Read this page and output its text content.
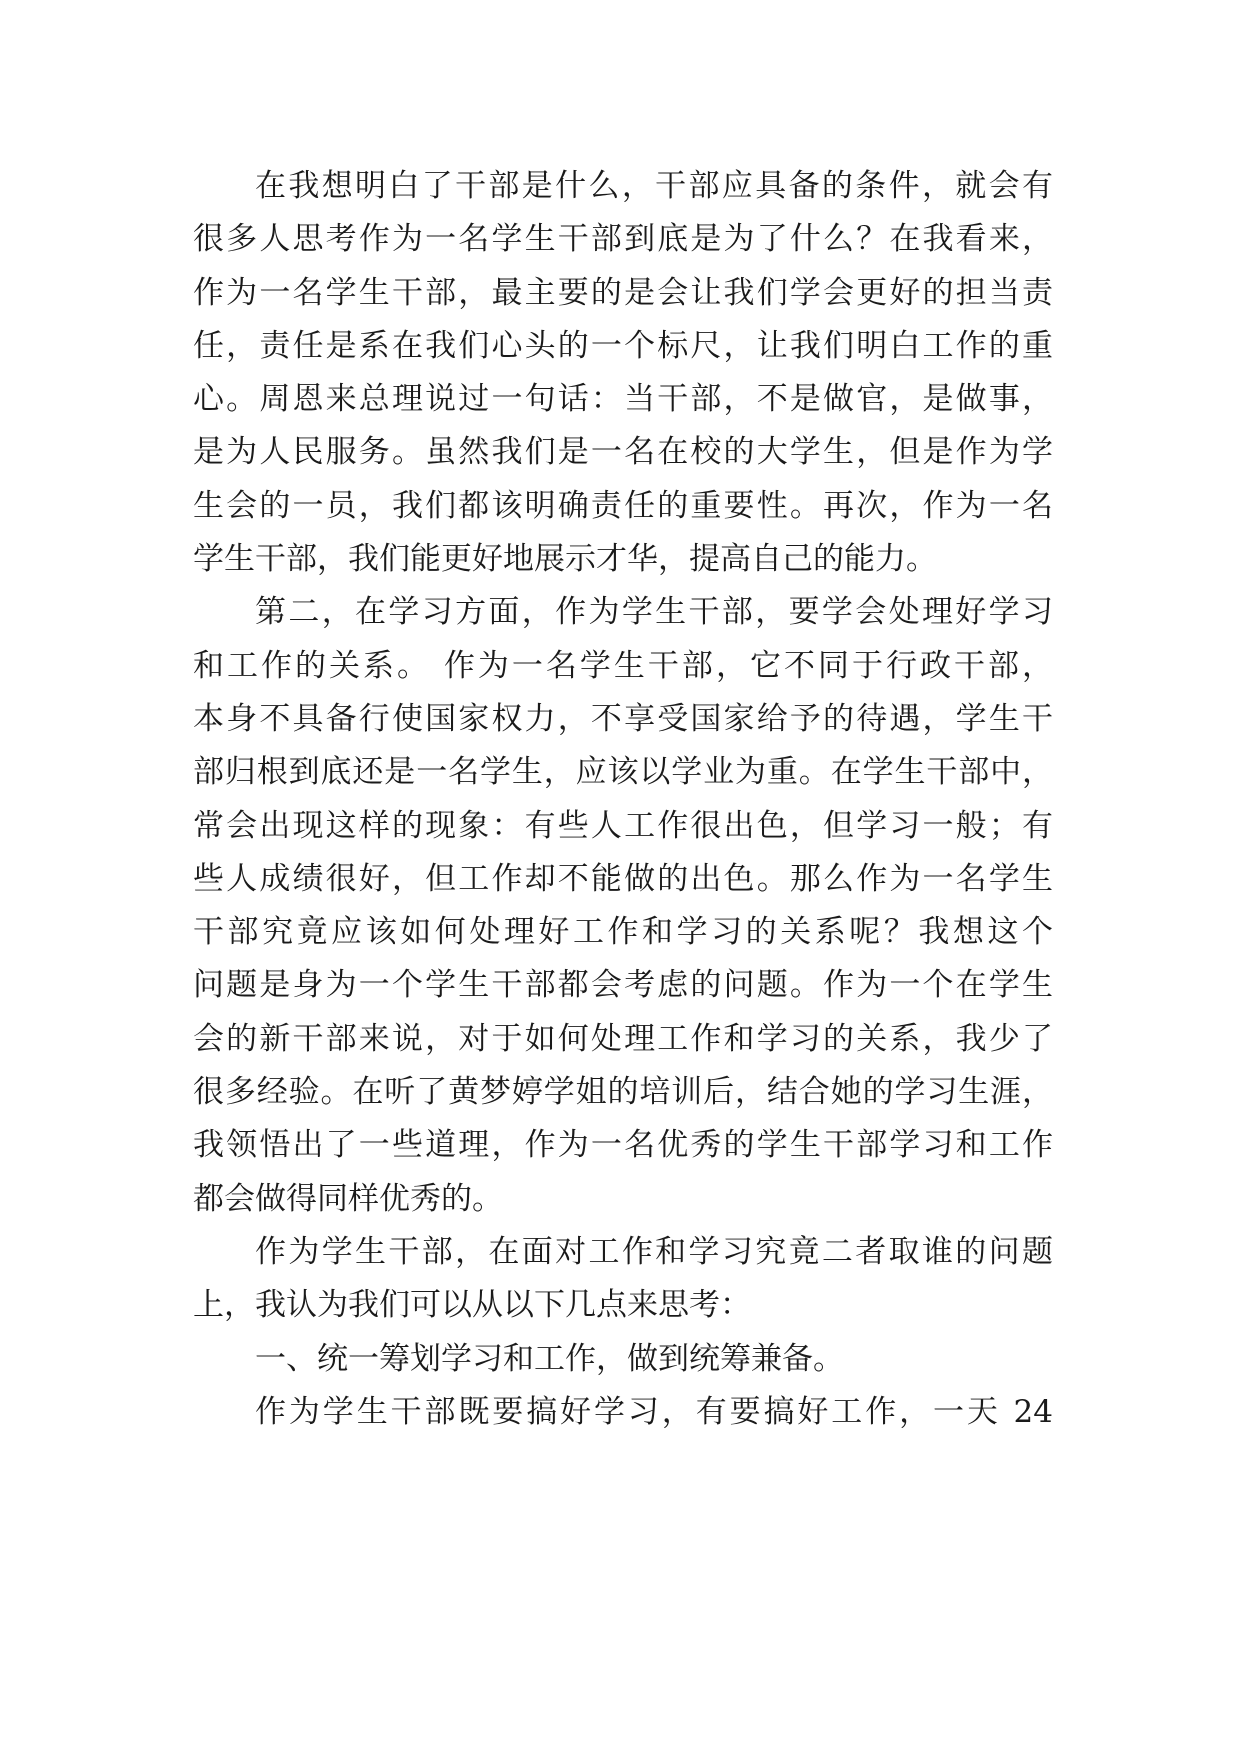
在我想明白了干部是什么，干部应具备的条件，就会有
很多人思考作为一名学生干部到底是为了什么？在我看来，
作为一名学生干部，最主要的是会让我们学会更好的担当责
任，责任是系在我们心头的一个标尺，让我们明白工作的重
心。周恩来总理说过一句话：当干部，不是做官，是做事，
是为人民服务。虽然我们是一名在校的大学生，但是作为学
生会的一员，我们都该明确责任的重要性。再次，作为一名
学生干部，我们能更好地展示才华，提高自己的能力。
第二，在学习方面，作为学生干部，要学会处理好学习
和工作的关系。 作为一名学生干部，它不同于行政干部，
本身不具备行使国家权力，不享受国家给予的待遇，学生干
部归根到底还是一名学生，应该以学业为重。在学生干部中，
常会出现这样的现象：有些人工作很出色，但学习一般；有
些人成绩很好，但工作却不能做的出色。那么作为一名学生
干部究竟应该如何处理好工作和学习的关系呢？我想这个
问题是身为一个学生干部都会考虑的问题。作为一个在学生
会的新干部来说，对于如何处理工作和学习的关系，我少了
很多经验。在听了黄梦婷学姐的培训后，结合她的学习生涯，
我领悟出了一些道理，作为一名优秀的学生干部学习和工作
都会做得同样优秀的。
作为学生干部，在面对工作和学习究竟二者取谁的问题
上，我认为我们可以从以下几点来思考：
一、统一筹划学习和工作，做到统筹兼备。
作为学生干部既要搞好学习，有要搞好工作，一天 24
